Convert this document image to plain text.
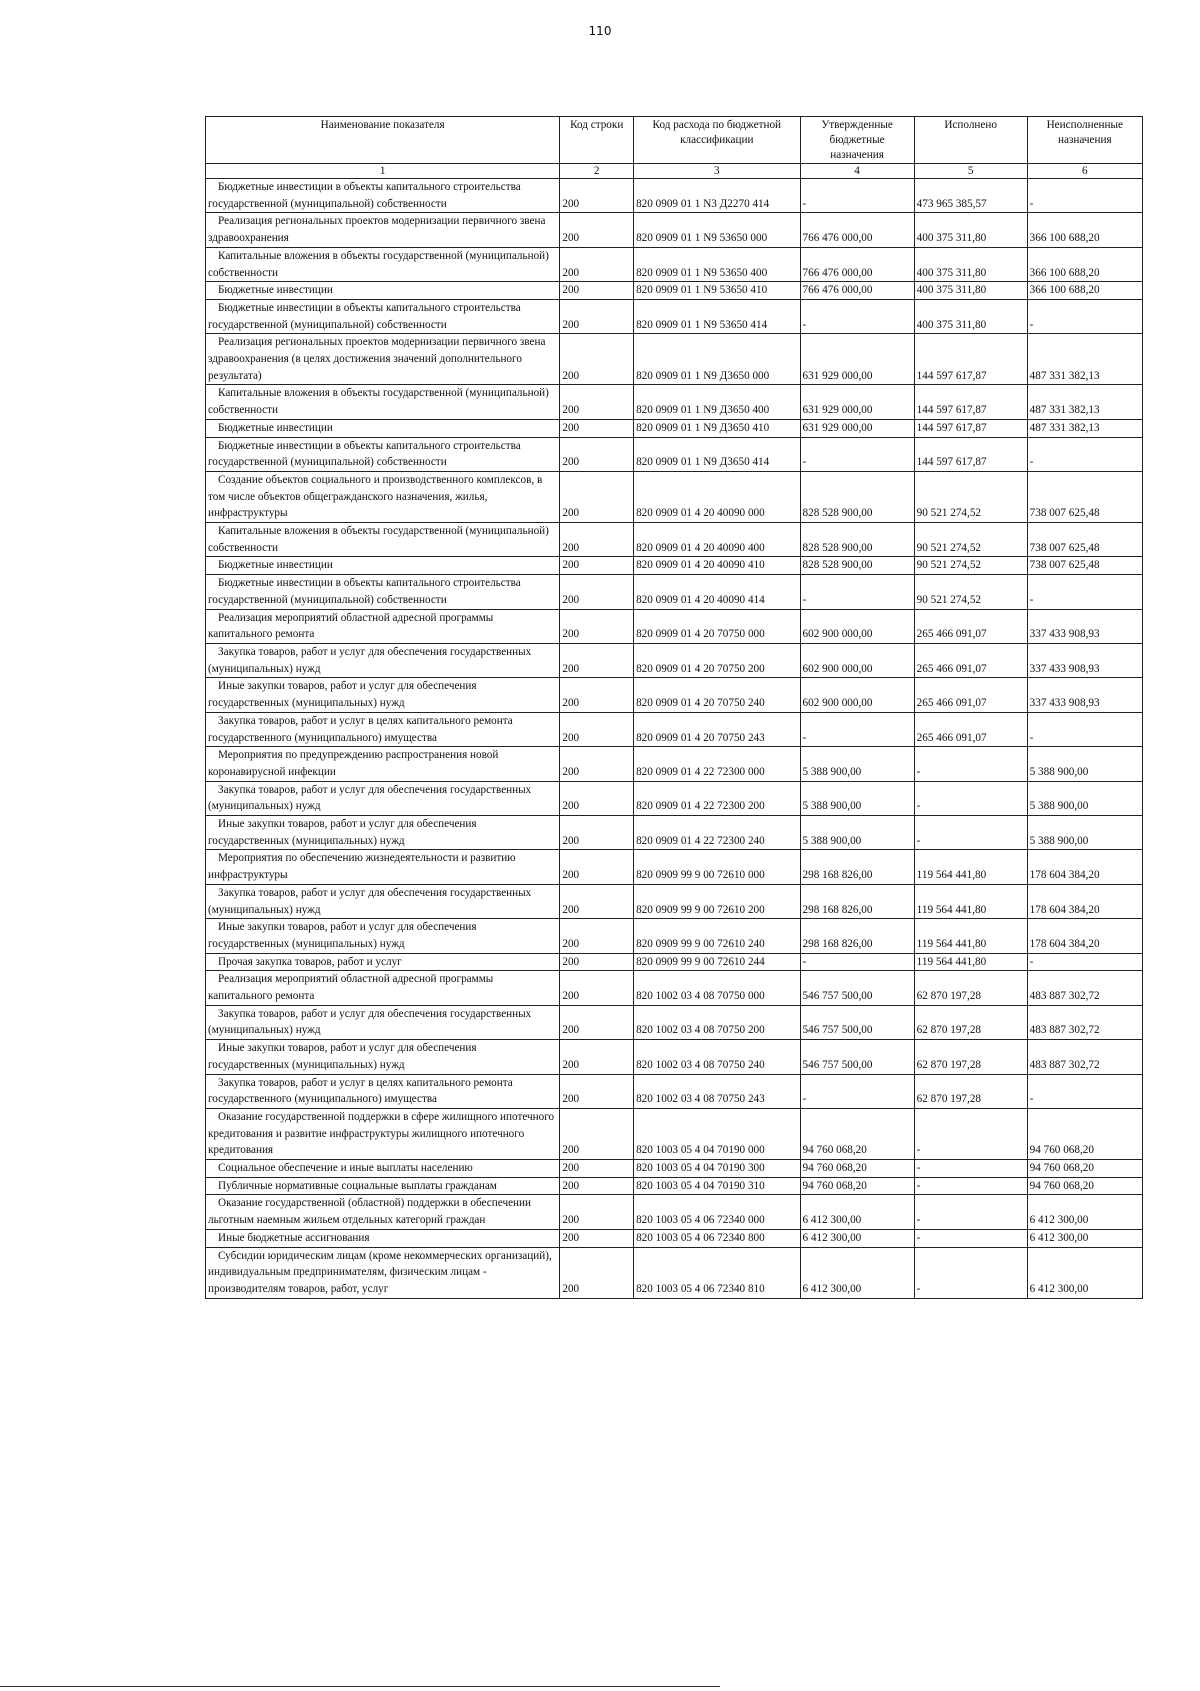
110
Наименование показателя	Код строки	Код расхода по бюджетной классификации	Утвержденные бюджетные назначения	Исполнено	Неисполненные назначения
1	2	3	4	5	6
Бюджетные инвестиции в объекты капитального строительства государственной (муниципальной) собственности	200	820 0909 01 1 N3 Д2270 414	-	473 965 385,57	-
Реализация региональных проектов модернизации первичного звена здравоохранения	200	820 0909 01 1 N9 53650 000	766 476 000,00	400 375 311,80	366 100 688,20
Капитальные вложения в объекты государственной (муниципальной) собственности	200	820 0909 01 1 N9 53650 400	766 476 000,00	400 375 311,80	366 100 688,20
Бюджетные инвестиции	200	820 0909 01 1 N9 53650 410	766 476 000,00	400 375 311,80	366 100 688,20
Бюджетные инвестиции в объекты капитального строительства государственной (муниципальной) собственности	200	820 0909 01 1 N9 53650 414	-	400 375 311,80	-
Реализация региональных проектов модернизации первичного звена здравоохранения (в целях достижения значений дополнительного результата)	200	820 0909 01 1 N9 Д3650 000	631 929 000,00	144 597 617,87	487 331 382,13
Капитальные вложения в объекты государственной (муниципальной) собственности	200	820 0909 01 1 N9 Д3650 400	631 929 000,00	144 597 617,87	487 331 382,13
Бюджетные инвестиции	200	820 0909 01 1 N9 Д3650 410	631 929 000,00	144 597 617,87	487 331 382,13
Бюджетные инвестиции в объекты капитального строительства государственной (муниципальной) собственности	200	820 0909 01 1 N9 Д3650 414	-	144 597 617,87	-
Создание объектов социального и производственного комплексов, в том числе объектов общегражданского назначения, жилья, инфраструктуры	200	820 0909 01 4 20 40090 000	828 528 900,00	90 521 274,52	738 007 625,48
Капитальные вложения в объекты государственной (муниципальной) собственности	200	820 0909 01 4 20 40090 400	828 528 900,00	90 521 274,52	738 007 625,48
Бюджетные инвестиции	200	820 0909 01 4 20 40090 410	828 528 900,00	90 521 274,52	738 007 625,48
Бюджетные инвестиции в объекты капитального строительства государственной (муниципальной) собственности	200	820 0909 01 4 20 40090 414	-	90 521 274,52	-
Реализация мероприятий областной адресной программы капитального ремонта	200	820 0909 01 4 20 70750 000	602 900 000,00	265 466 091,07	337 433 908,93
Закупка товаров, работ и услуг для обеспечения государственных (муниципальных) нужд	200	820 0909 01 4 20 70750 200	602 900 000,00	265 466 091,07	337 433 908,93
Иные закупки товаров, работ и услуг для обеспечения государственных (муниципальных) нужд	200	820 0909 01 4 20 70750 240	602 900 000,00	265 466 091,07	337 433 908,93
Закупка товаров, работ и услуг в целях капитального ремонта государственного (муниципального) имущества	200	820 0909 01 4 20 70750 243	-	265 466 091,07	-
Мероприятия по предупреждению распространения новой коронавирусной инфекции	200	820 0909 01 4 22 72300 000	5 388 900,00	-	5 388 900,00
Закупка товаров, работ и услуг для обеспечения государственных (муниципальных) нужд	200	820 0909 01 4 22 72300 200	5 388 900,00	-	5 388 900,00
Иные закупки товаров, работ и услуг для обеспечения государственных (муниципальных) нужд	200	820 0909 01 4 22 72300 240	5 388 900,00	-	5 388 900,00
Мероприятия по обеспечению жизнедеятельности и развитию инфраструктуры	200	820 0909 99 9 00 72610 000	298 168 826,00	119 564 441,80	178 604 384,20
Закупка товаров, работ и услуг для обеспечения государственных (муниципальных) нужд	200	820 0909 99 9 00 72610 200	298 168 826,00	119 564 441,80	178 604 384,20
Иные закупки товаров, работ и услуг для обеспечения государственных (муниципальных) нужд	200	820 0909 99 9 00 72610 240	298 168 826,00	119 564 441,80	178 604 384,20
Прочая закупка товаров, работ и услуг	200	820 0909 99 9 00 72610 244	-	119 564 441,80	-
Реализация мероприятий областной адресной программы капитального ремонта	200	820 1002 03 4 08 70750 000	546 757 500,00	62 870 197,28	483 887 302,72
Закупка товаров, работ и услуг для обеспечения государственных (муниципальных) нужд	200	820 1002 03 4 08 70750 200	546 757 500,00	62 870 197,28	483 887 302,72
Иные закупки товаров, работ и услуг для обеспечения государственных (муниципальных) нужд	200	820 1002 03 4 08 70750 240	546 757 500,00	62 870 197,28	483 887 302,72
Закупка товаров, работ и услуг в целях капитального ремонта государственного (муниципального) имущества	200	820 1002 03 4 08 70750 243	-	62 870 197,28	-
Оказание государственной поддержки в сфере жилищного ипотечного кредитования и развитие инфраструктуры жилищного ипотечного кредитования	200	820 1003 05 4 04 70190 000	94 760 068,20	-	94 760 068,20
Социальное обеспечение и иные выплаты населению	200	820 1003 05 4 04 70190 300	94 760 068,20	-	94 760 068,20
Публичные нормативные социальные выплаты гражданам	200	820 1003 05 4 04 70190 310	94 760 068,20	-	94 760 068,20
Оказание государственной (областной) поддержки в обеспечении льготным наемным жильем отдельных категорий граждан	200	820 1003 05 4 06 72340 000	6 412 300,00	-	6 412 300,00
Иные бюджетные ассигнования	200	820 1003 05 4 06 72340 800	6 412 300,00	-	6 412 300,00
Субсидии юридическим лицам (кроме некоммерческих организаций), индивидуальным предпринимателям, физическим лицам - производителям товаров, работ, услуг	200	820 1003 05 4 06 72340 810	6 412 300,00	-	6 412 300,00
